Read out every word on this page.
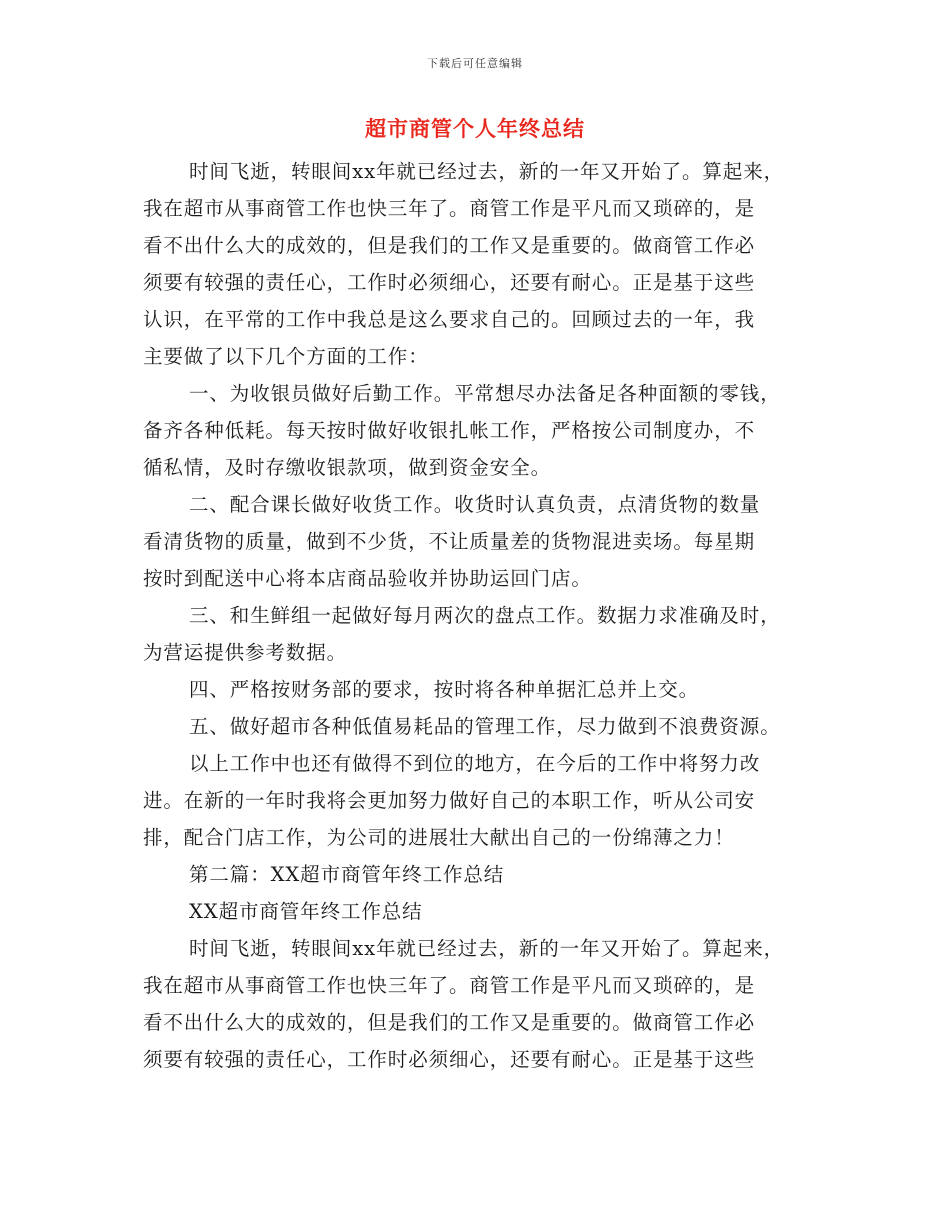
下载后可任意编辑
超市商管个人年终总结
时间飞逝，转眼间xx年就已经过去，新的一年又开始了。算起来，
我在超市从事商管工作也快三年了。商管工作是平凡而又琐碎的，是
看不出什么大的成效的，但是我们的工作又是重要的。做商管工作必
须要有较强的责任心，工作时必须细心，还要有耐心。正是基于这些
认识，在平常的工作中我总是这么要求自己的。回顾过去的一年，我
主要做了以下几个方面的工作：
一、为收银员做好后勤工作。平常想尽办法备足各种面额的零钱，
备齐各种低耗。每天按时做好收银扎帐工作，严格按公司制度办，不
循私情，及时存缴收银款项，做到资金安全。
二、配合课长做好收货工作。收货时认真负责，点清货物的数量
看清货物的质量，做到不少货，不让质量差的货物混进卖场。每星期
按时到配送中心将本店商品验收并协助运回门店。
三、和生鲜组一起做好每月两次的盘点工作。数据力求准确及时，
为营运提供参考数据。
四、严格按财务部的要求，按时将各种单据汇总并上交。
五、做好超市各种低值易耗品的管理工作，尽力做到不浪费资源。
以上工作中也还有做得不到位的地方，在今后的工作中将努力改
进。在新的一年时我将会更加努力做好自己的本职工作，听从公司安
排，配合门店工作，为公司的进展壮大献出自己的一份绵薄之力！
第二篇：XX超市商管年终工作总结
XX超市商管年终工作总结
时间飞逝，转眼间xx年就已经过去，新的一年又开始了。算起来，
我在超市从事商管工作也快三年了。商管工作是平凡而又琐碎的，是
看不出什么大的成效的，但是我们的工作又是重要的。做商管工作必
须要有较强的责任心，工作时必须细心，还要有耐心。正是基于这些
